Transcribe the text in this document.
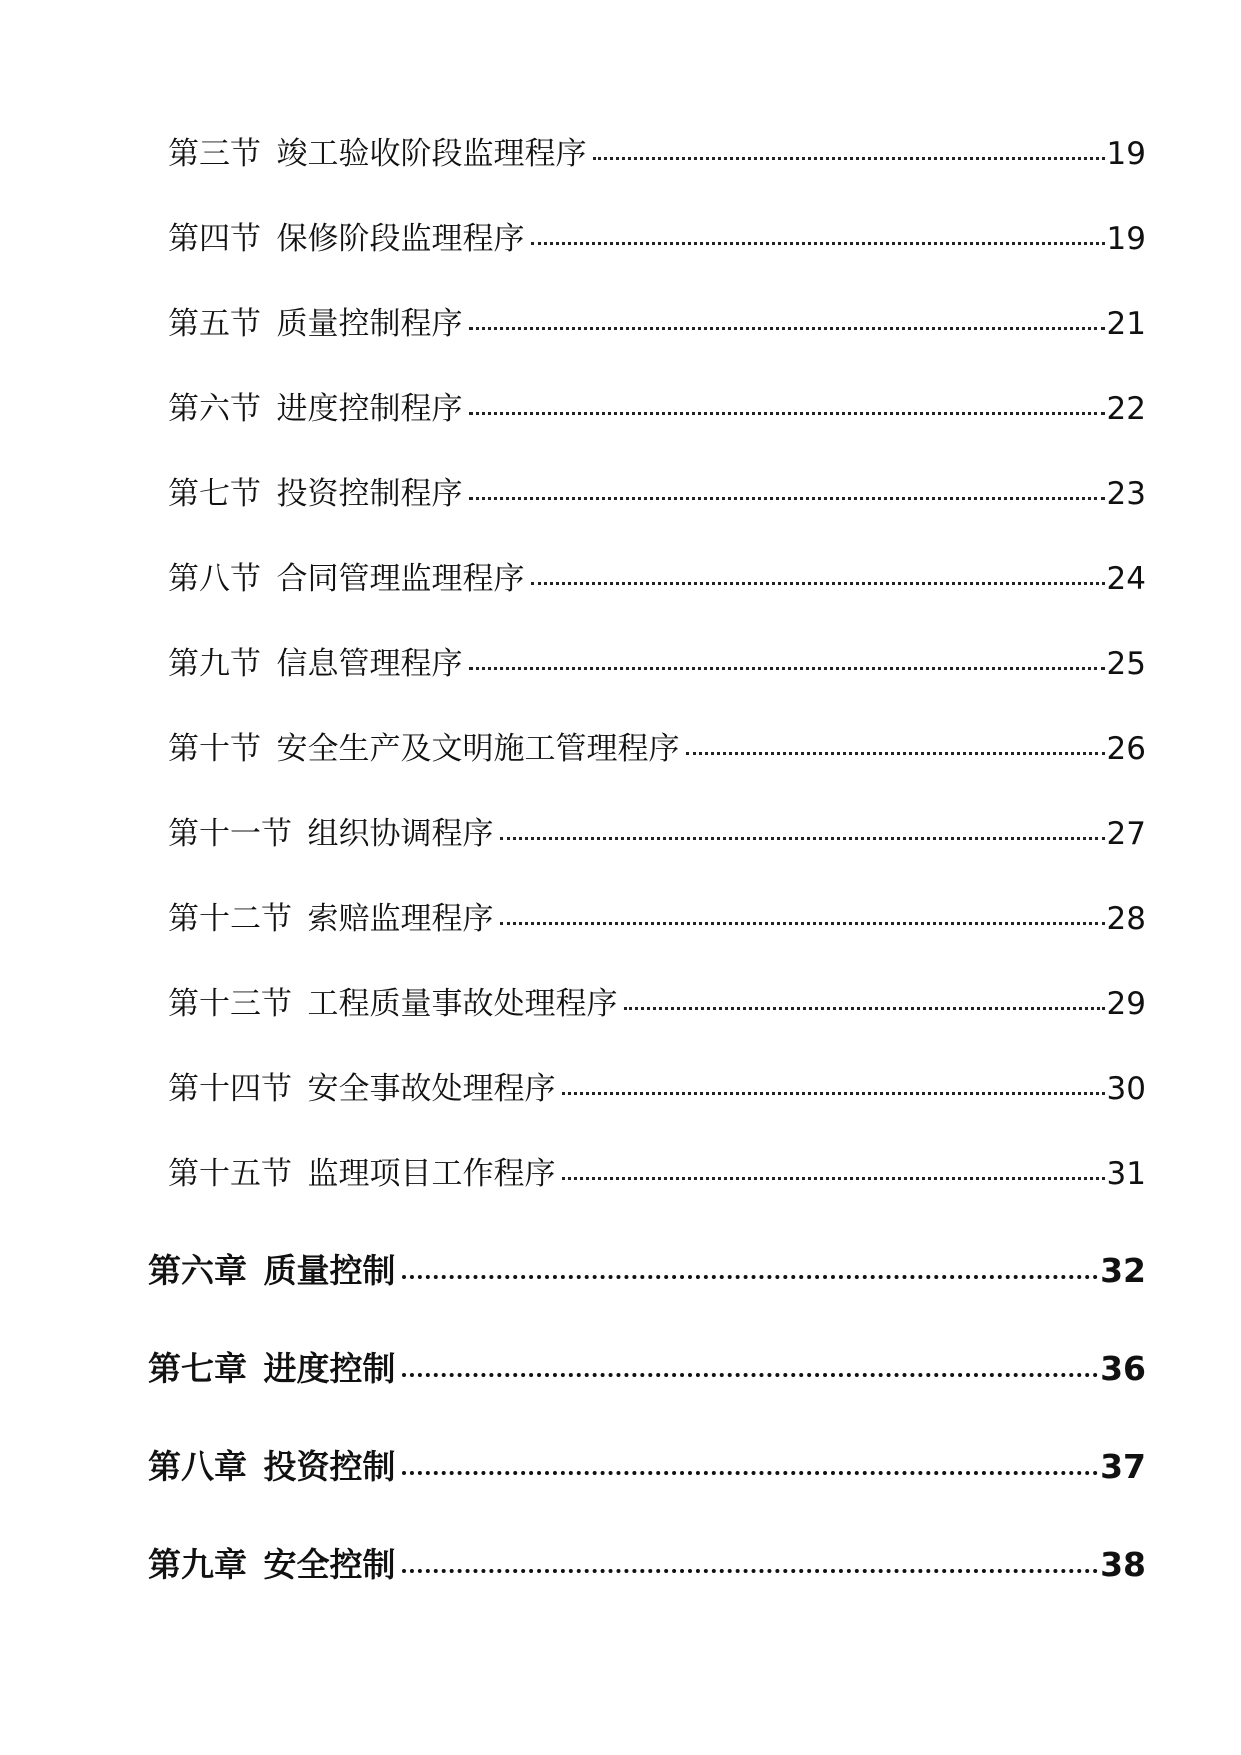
第三节 竣工验收阶段监理程序	19
第四节 保修阶段监理程序	19
第五节 质量控制程序	21
第六节 进度控制程序	22
第七节 投资控制程序	23
第八节 合同管理监理程序	24
第九节 信息管理程序	25
第十节 安全生产及文明施工管理程序	26
第十一节 组织协调程序	27
第十二节 索赔监理程序	28
第十三节 工程质量事故处理程序	29
第十四节 安全事故处理程序	30
第十五节 监理项目工作程序	31
第六章 质量控制	32
第七章 进度控制	36
第八章 投资控制	37
第九章 安全控制	38
